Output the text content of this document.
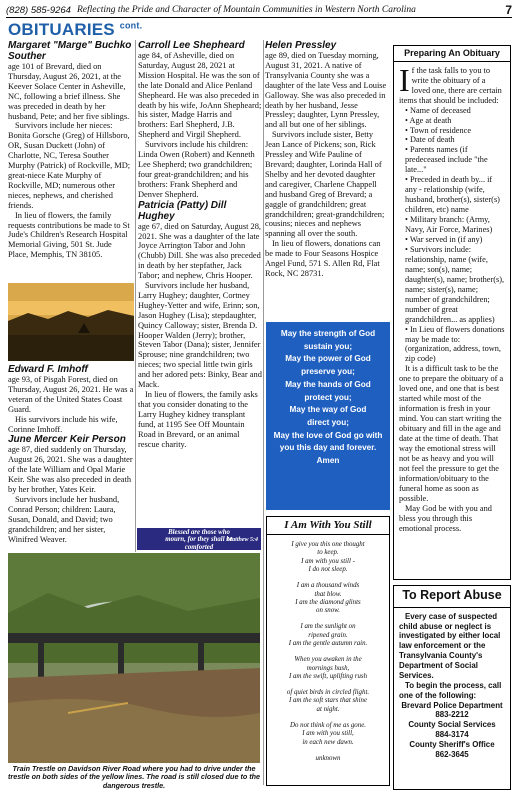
(828) 585-9264 Reflecting the Pride and Character of Mountain Communities in Western North Carolina	7
OBITUARIES $^{cont.}$
Margaret "Marge" Buchko Souther

age 101 of Brevard, died on Thursday, August 26, 2021, at the Keever Solace Center in Asheville, NC, following a brief illness. She was preceded in death by her husband, Pete; and her five siblings.

Survivors include her nieces: Bonita Gorsche (Greg) of Hillsboro, OR, Susan Duckett (John) of Charlotte, NC, Teresa Souther Murphy (Patrick) of Rockville, MD; great-niece Kate Murphy of Rockville, MD; numerous other nieces, nephews, and cherished friends.

In lieu of flowers, the family requests contributions be made to St Jude's Children's Research Hospital Memorial Giving, 501 St. Jude Place, Memphis, TN 38105.

Edward F. Imhoff

age 93, of Pisgah Forest, died on Thursday, August 26, 2021. He was a veteran of the United States Coast Guard.

His survivors include his wife, Corinne Imhoff.

June Mercer Keir Person

age 87, died suddenly on Thursday, August 26, 2021. She was a daughter of the late William and Opal Marie Keir. She was also preceded in death by her brother, Yates Keir.

Survivors include her husband, Conrad Person; children: Laura, Susan, Donald, and David; two grandchildren; and her sister, Winifred Weaver.

Carroll Lee Shepheard

age 84, of Asheville, died on Saturday, August 28, 2021 at Mission Hospital. He was the son of the late Donald and Alice Penland Shepheard. He was also preceded in death by his wife, JoAnn Shepheard; his sister, Madge Harris and brothers: Earl Shepherd, J.B. Shepherd and Virgil Shepherd.

Survivors include his children: Linda Owen (Robert) and Kenneth Lee Shepherd; two grandchildren; four great-grandchildren; and his brothers: Frank Shepherd and Denver Shepherd.

Patricia (Patty) Dill Hughey

age 67, died on Saturday, August 28, 2021. She was a daughter of the late Joyce Arrington Tabor and John (Chubb) Dill. She was also preceded in death by her stepfather, Jack Tabor; and nephew, Chris Hooper.

Survivors include her husband, Larry Hughey; daughter, Cortney Hughey-Yetter and wife, Erinn; son, Jason Hughey (Lisa); stepdaughter, Quincy Calloway; sister, Brenda D. Hooper Walden (Jerry); brother, Steven Tabor (Dana); sister, Jennifer Sprouse; nine grandchildren; two nieces; two special little twin girls and her adored pets: Binky, Bear and Mack.

In lieu of flowers, the family asks that you consider donating to the Larry Hughey kidney transplant fund, at 1195 See Off Mountain Road in Brevard, or an animal rescue charity.

Blessed are those who
mourn, for they shall be
comforted
Matthew 5:4
Helen Pressley

age 89, died on Tuesday morning, August 31, 2021. A native of Transylvania County she was a daughter of the late Vess and Louise Galloway. She was also preceded in death by her husband, Jesse Pressley; daughter, Lynn Pressley, and all but one of her siblings.

Survivors include sister, Betty Jean Lance of Pickens; son, Rick Pressley and Wife Pauline of Brevard; daughter, Lorinda Hall of Shelby and her devoted daughter and caregiver, Charlene Chappell and husband Greg of Brevard; a gaggle of grandchildren; great grandchildren; great-grandchildren; cousins; nieces and nephews spanning all over the south.

In lieu of flowers, donations can be made to Four Seasons Hospice Angel Fund, 571 S. Allen Rd, Flat Rock, NC 28731.

May the strength of God
sustain you;
May the power of God
preserve you;
May the hands of God
protect you;
May the way of God
direct you;
May the love of God go with
you this day and forever.
Amen
I Am With You Still
I give you this one thought
to keep.
I am with you still -
I do not sleep.
I am a thousand winds
that blow.
I am the diamond glints
on snow.
I am the sunlight on
ripened grain.
I am the gentle autumn rain.
When you awaken in the
mornings hush,
I am the swift, uplifting rush
of quiet birds in circled flight.
I am the soft stars that shine
at night.
Do not think of me as gone.
I am with you still,
in each new dawn.
unknown
Train Trestle on Davidson River Road where you had to drive under the trestle on both sides of the yellow lines. The road is still closed due to the dangerous trestle.
Preparing An Obituary
I f the task falls to you to write the obituary of a loved one, there are certain items that should be included:
• Name of deceased
• Age at death
• Town of residence
• Date of death
• Parents names (if predeceased include "the late..."
• Preceded in death by... if any - relationship (wife, husband, brother(s), sister(s) children, etc) name
• Military branch: (Army, Navy, Air Force, Marines)
• War served in (if any)
• Survivors include: relationship, name (wife, name; son(s), name; daughter(s), name; brother(s), name; sister(s), name; number of grandchildren; number of great grandchildren... as applies)
• In Lieu of flowers donations may be made to: (organization, address, town, zip code)

It is a difficult task to be the one to prepare the obituary of a loved one, and one that is best started while most of the information is fresh in your mind. You can start writing the obituary and fill in the age and date at the time of death. That way the emotional stress will not be as heavy and you will not feel the pressure to get the information/obituary to the funeral home as soon as possible.

May God be with you and bless you through this emotional process.

To Report Abuse

Every case of suspected child abuse or neglect is investigated by either local law enforcement or the Transylvania County's Department of Social Services.

To begin the process, call one of the following:

Brevard Police Department
883-2212
County Social Services
884-3174
County Sheriff's Office
862-3645
